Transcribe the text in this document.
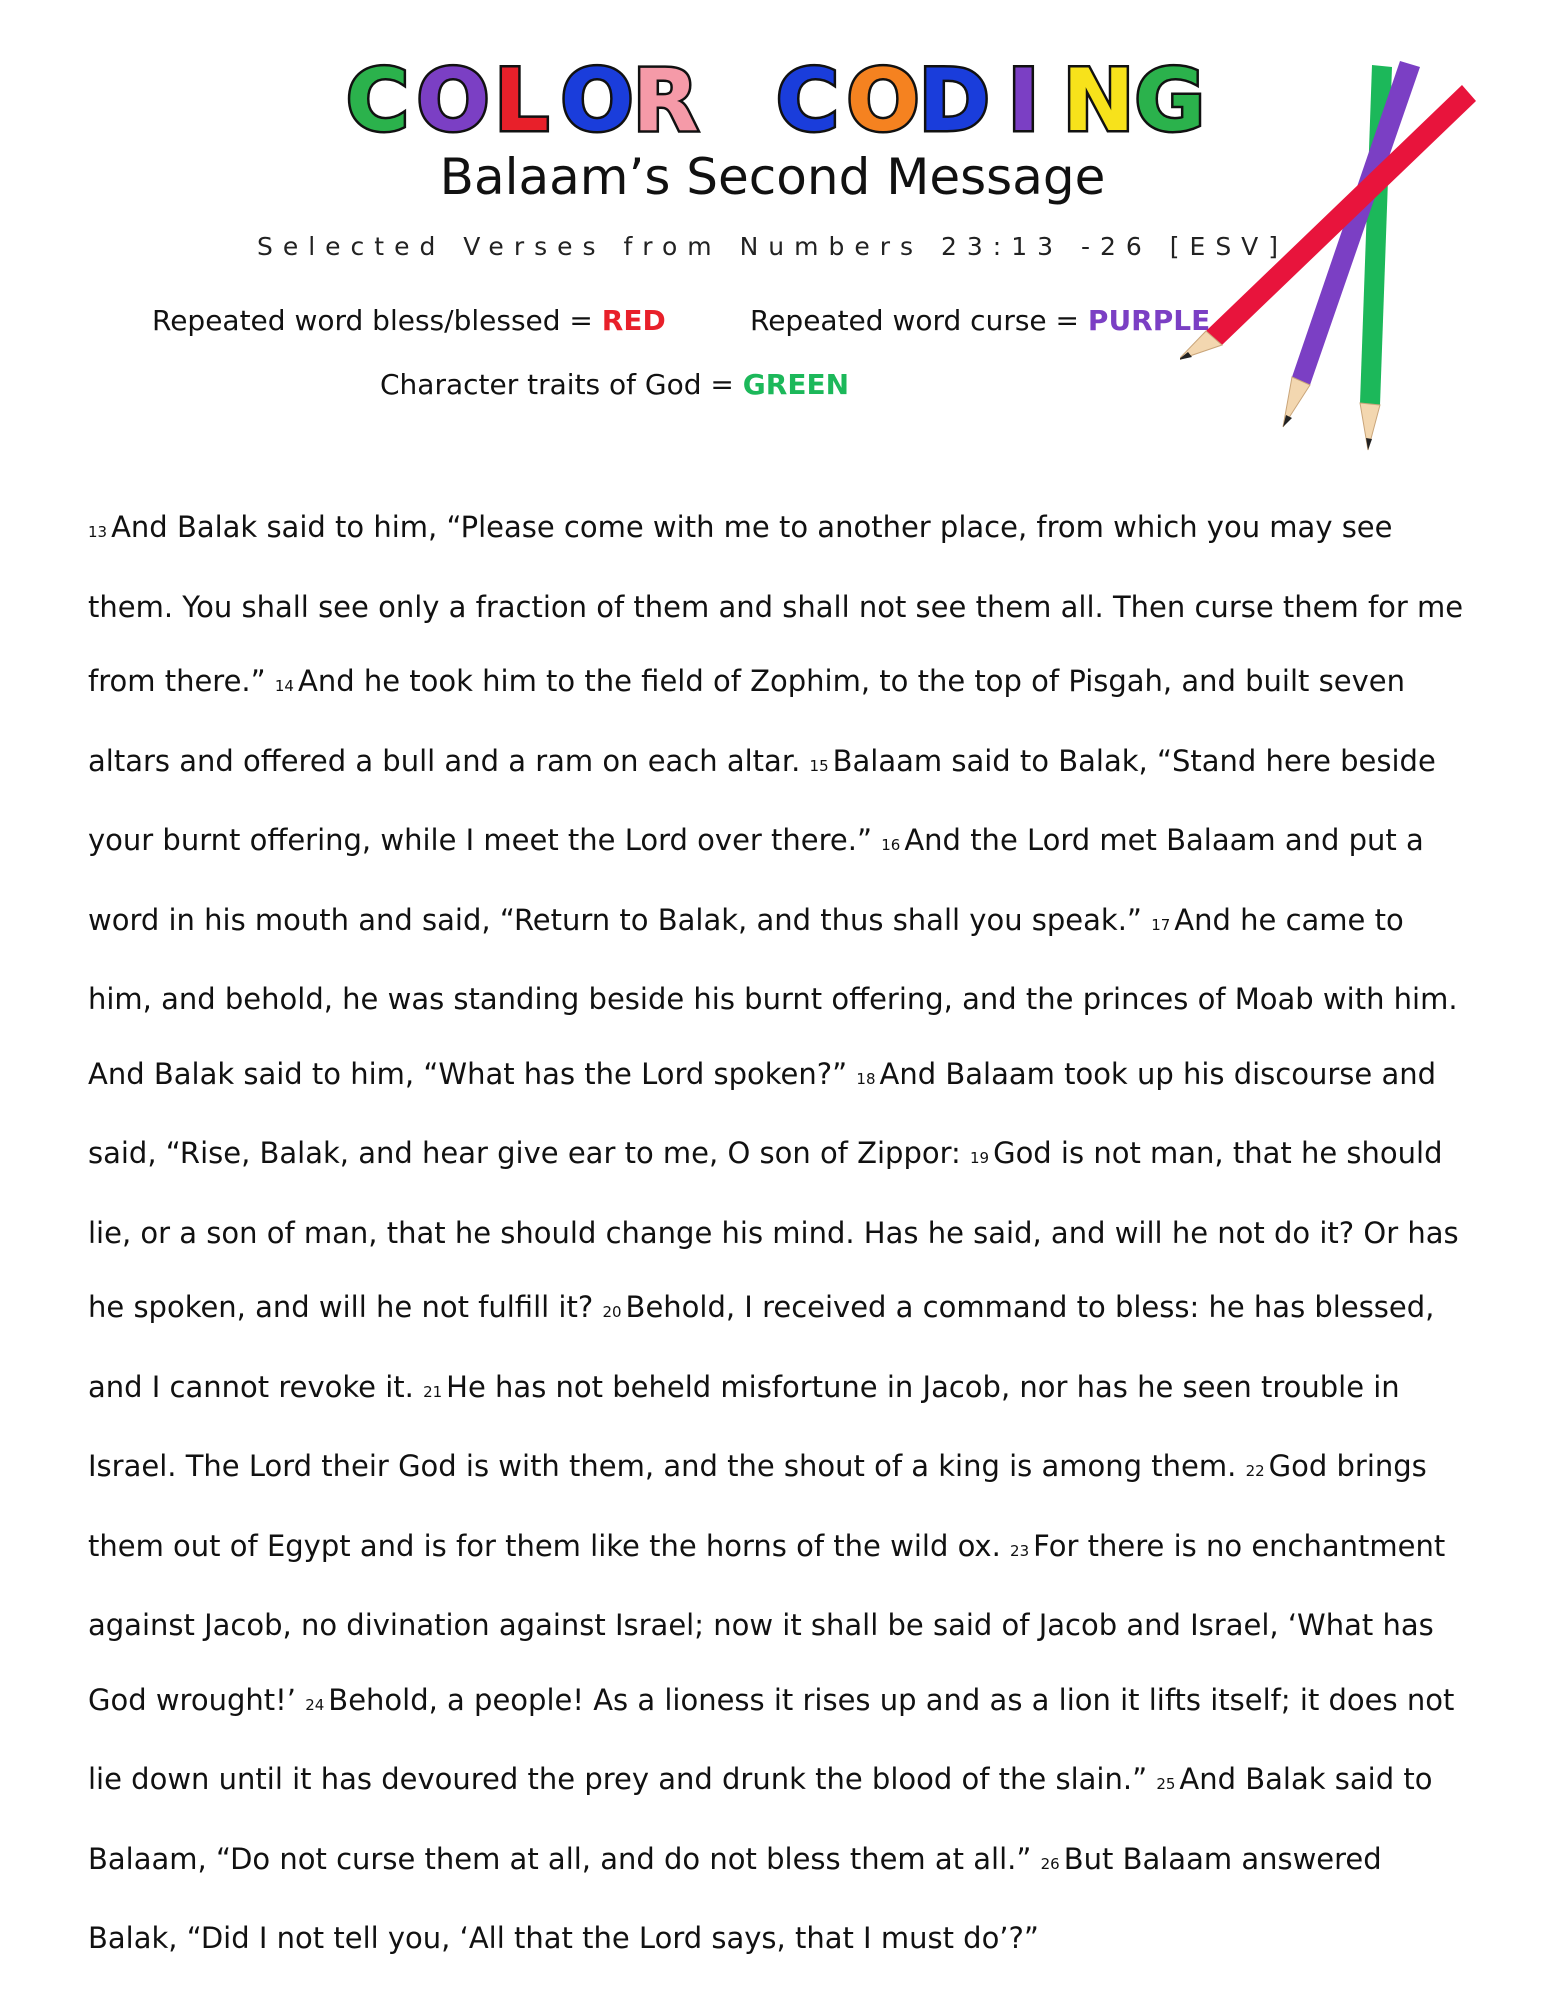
COL OR COD I NG
Balaam’s Second Message
Selected Verses from Numbers 23:13 -26 [ESV]
Repeated word bless/blessed = RED	Repeated word curse = PURPLE
Character traits of God = GREEN

13 And Balak said to him, “Please come with me to another place, from which you may see them. You shall see only a fraction of them and shall not see them all. Then curse them for me from there.” 14 And he took him to the field of Zophim, to the top of Pisgah, and built seven altars and offered a bull and a ram on each altar. 15 Balaam said to Balak, “Stand here beside your burnt offering, while I meet the Lord over there.” 16 And the Lord met Balaam and put a word in his mouth and said, “Return to Balak, and thus shall you speak.” 17 And he came to him, and behold, he was standing beside his burnt offering, and the princes of Moab with him. And Balak said to him, “What has the Lord spoken?” 18 And Balaam took up his discourse and said, “Rise, Balak, and hear give ear to me, O son of Zippor: 19 God is not man, that he should lie, or a son of man, that he should change his mind. Has he said, and will he not do it? Or has he spoken, and will he not fulfill it? 20 Behold, I received a command to bless: he has blessed, and I cannot revoke it. 21 He has not beheld misfortune in Jacob, nor has he seen trouble in Israel. The Lord their God is with them, and the shout of a king is among them. 22 God brings them out of Egypt and is for them like the horns of the wild ox. 23 For there is no enchantment against Jacob, no divination against Israel; now it shall be said of Jacob and Israel, ‘What has God wrought!’ 24 Behold, a people! As a lioness it rises up and as a lion it lifts itself; it does not lie down until it has devoured the prey and drunk the blood of the slain.” 25 And Balak said to Balaam, “Do not curse them at all, and do not bless them at all.” 26 But Balaam answered Balak, “Did I not tell you, ‘All that the Lord says, that I must do’?”
